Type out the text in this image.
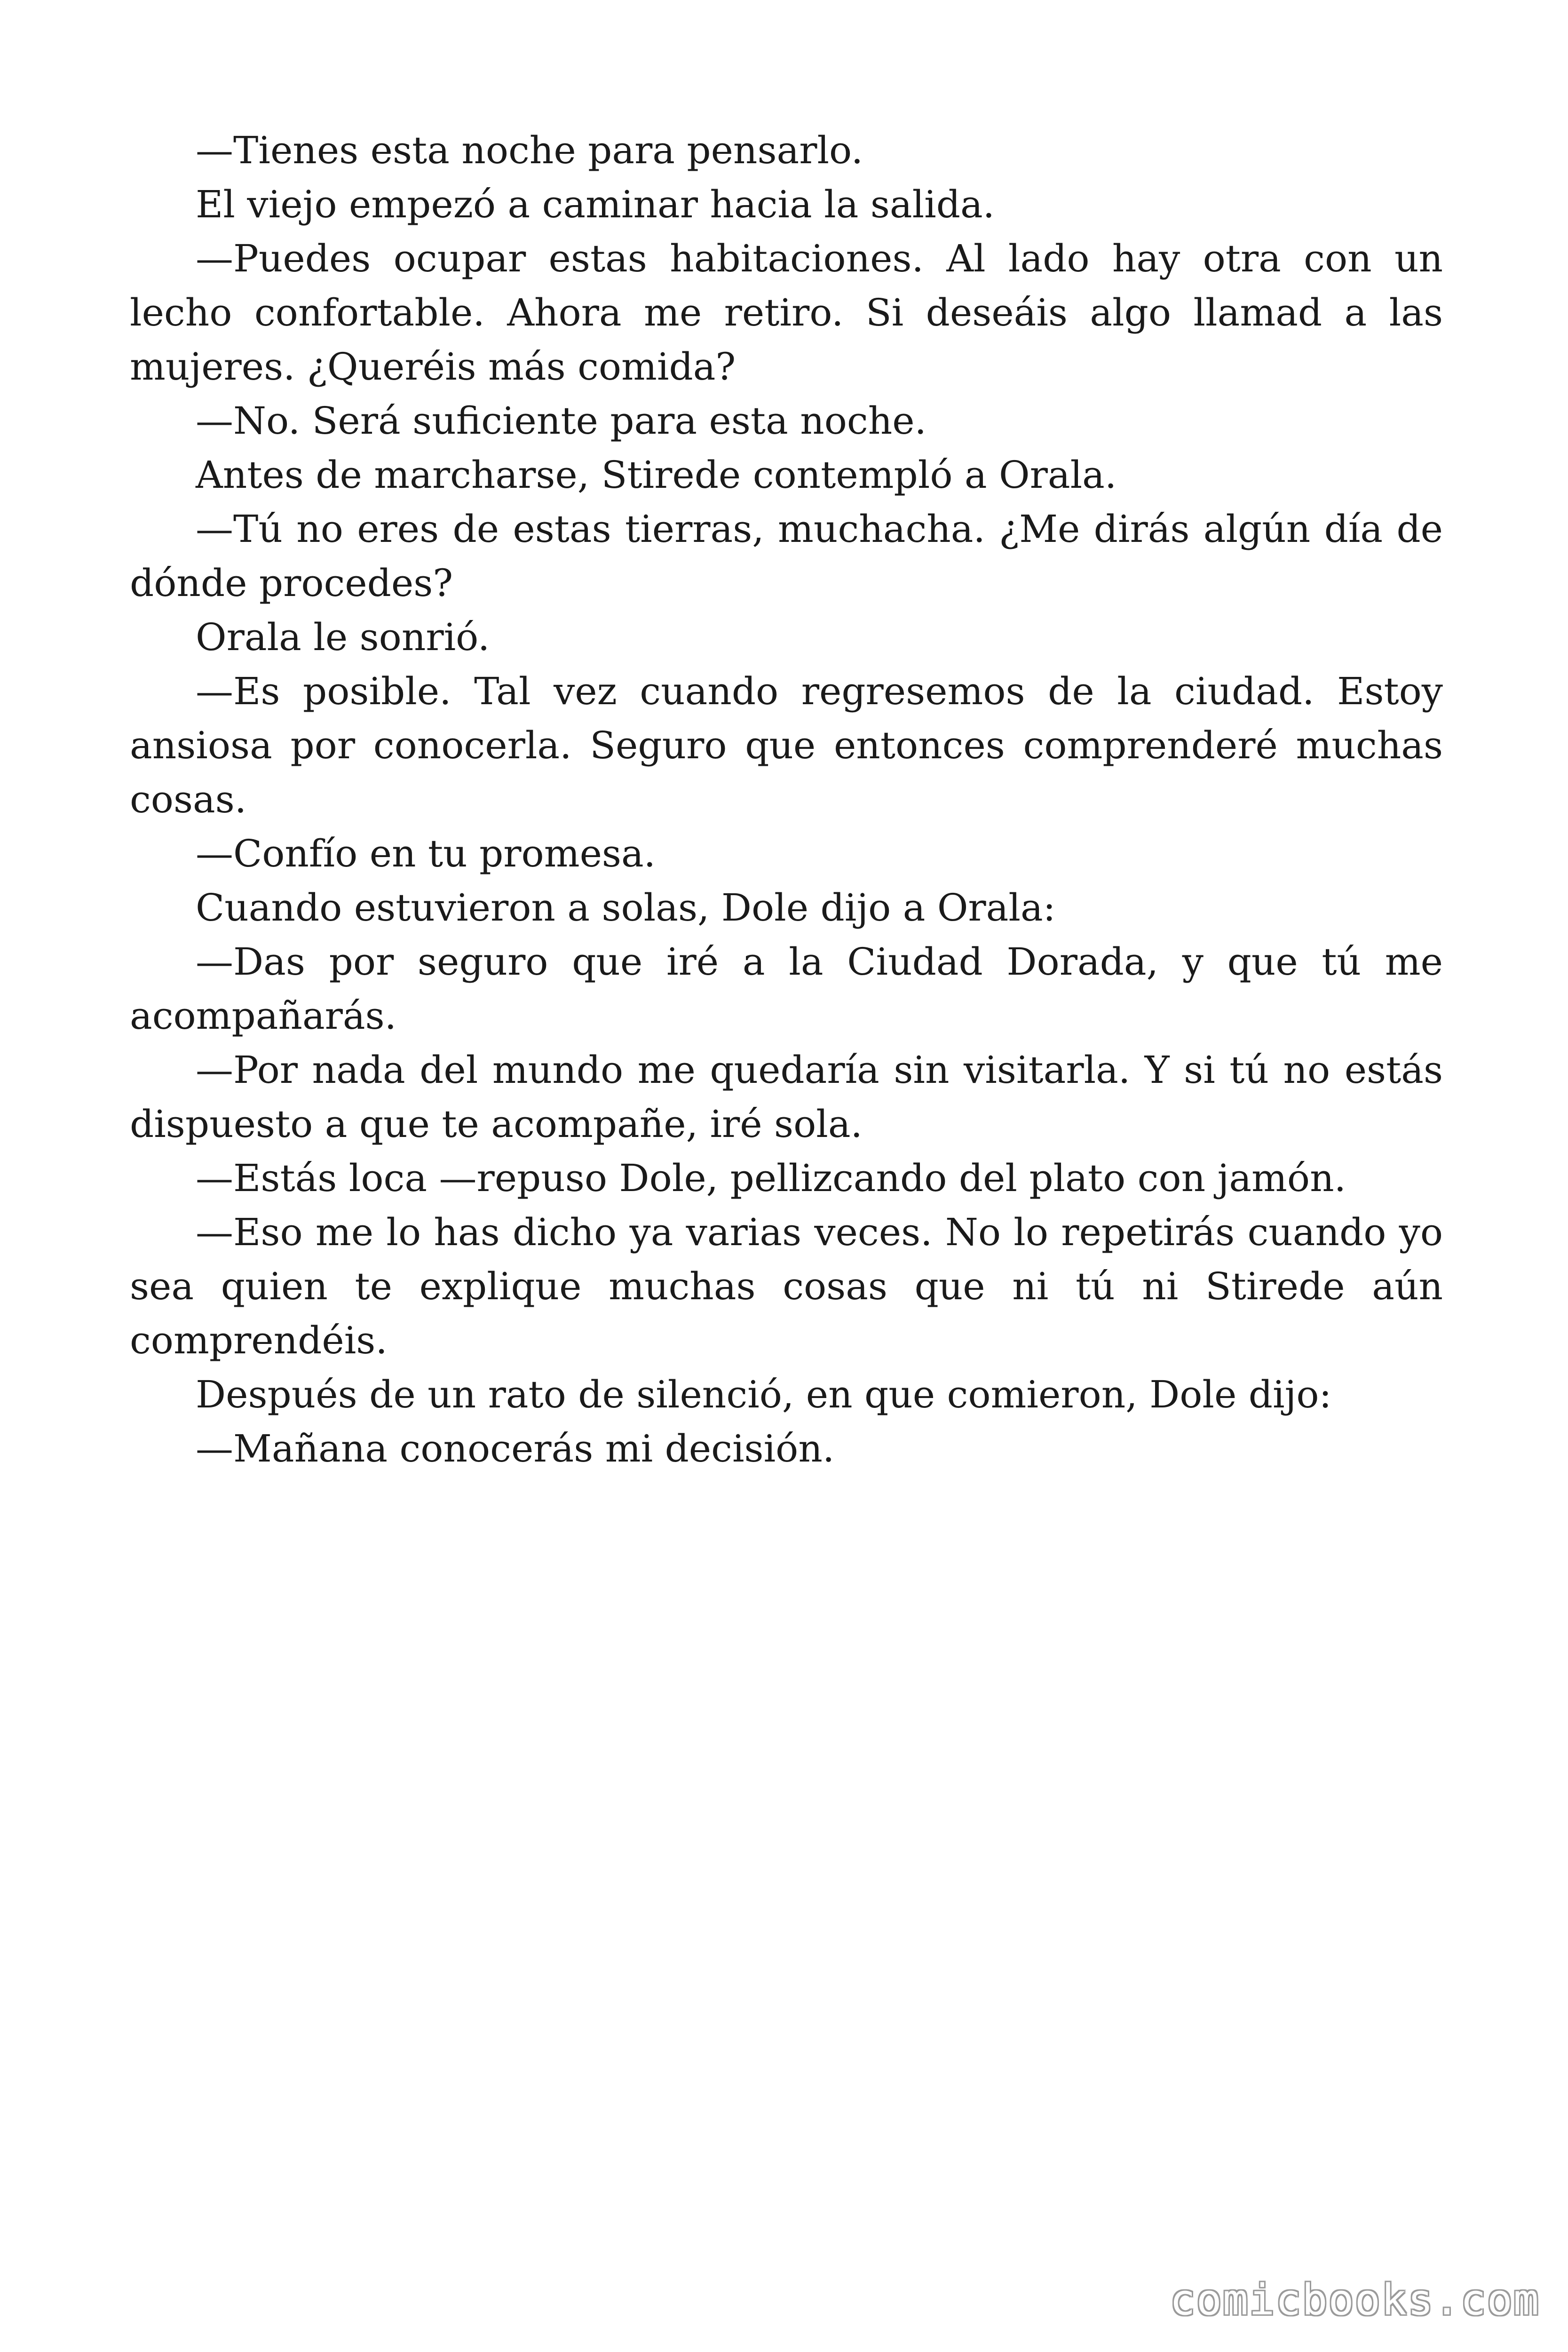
—Tienes esta noche para pensarlo.

El viejo empezó a caminar hacia la salida.

—Puedes ocupar estas habitaciones. Al lado hay otra con un lecho confortable. Ahora me retiro. Si deseáis algo llamad a las mujeres. ¿Queréis más comida?

—No. Será suficiente para esta noche.

Antes de marcharse, Stirede contempló a Orala.

—Tú no eres de estas tierras, muchacha. ¿Me dirás algún día de dónde procedes?

Orala le sonrió.

—Es posible. Tal vez cuando regresemos de la ciudad. Estoy ansiosa por conocerla. Seguro que entonces comprenderé muchas cosas.

—Confío en tu promesa.

Cuando estuvieron a solas, Dole dijo a Orala:

—Das por seguro que iré a la Ciudad Dorada, y que tú me acompañarás.

—Por nada del mundo me quedaría sin visitarla. Y si tú no estás dispuesto a que te acompañe, iré sola.

—Estás loca —repuso Dole, pellizcando del plato con jamón.

—Eso me lo has dicho ya varias veces. No lo repetirás cuando yo sea quien te explique muchas cosas que ni tú ni Stirede aún comprendéis.

Después de un rato de silenció, en que comieron, Dole dijo:

—Mañana conocerás mi decisión.

comicbooks.com
